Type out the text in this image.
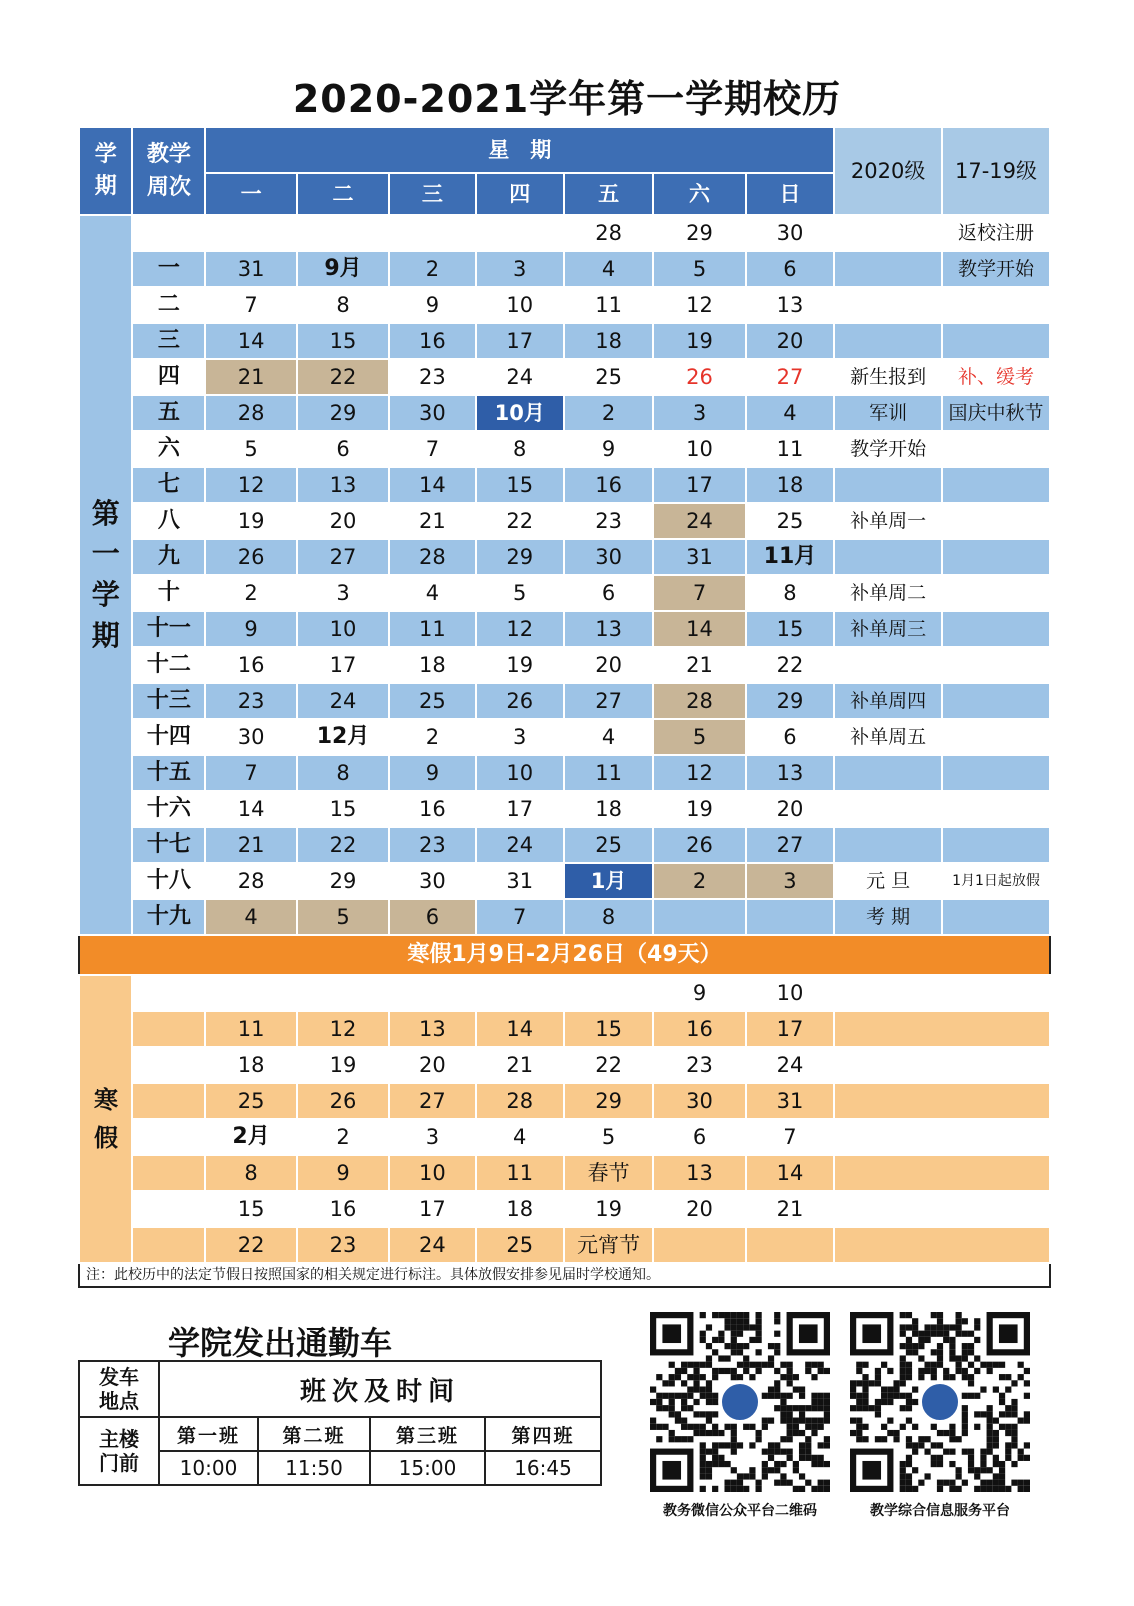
2020-2021学年第一学期校历
学期	教学周次	星　期							2020级	17-19级
		一	二	三	四	五	六	日		
第一学期						28	29	30		返校注册
	一	31	9月	2	3	4	5	6		教学开始
	二	7	8	9	10	11	12	13		
	三	14	15	16	17	18	19	20		
	四	21	22	23	24	25	26	27	新生报到	补、缓考
	五	28	29	30	10月	2	3	4	军训	国庆中秋节
	六	5	6	7	8	9	10	11	教学开始	
	七	12	13	14	15	16	17	18		
	八	19	20	21	22	23	24	25	补单周一	
	九	26	27	28	29	30	31	11月		
	十	2	3	4	5	6	7	8	补单周二	
	十一	9	10	11	12	13	14	15	补单周三	
	十二	16	17	18	19	20	21	22		
	十三	23	24	25	26	27	28	29	补单周四	
	十四	30	12月	2	3	4	5	6	补单周五	
	十五	7	8	9	10	11	12	13		
	十六	14	15	16	17	18	19	20		
	十七	21	22	23	24	25	26	27		
	十八	28	29	30	31	1月	2	3	元 旦	1月1日起放假
	十九	4	5	6	7	8			考 期	
寒假1月9日-2月26日（49天）										
寒假							9	10		
		11	12	13	14	15	16	17		
		18	19	20	21	22	23	24		
		25	26	27	28	29	30	31		
		2月	2	3	4	5	6	7		
		8	9	10	11	春节	13	14		
		15	16	17	18	19	20	21		
		22	23	24	25	元宵节				
注：此校历中的法定节假日按照国家的相关规定进行标注。具体放假安排参见届时学校通知。										
学院发出通勤车
发车地点	班次及时间			
主楼门前	第一班	第二班	第三班	第四班
	10:00	11:50	15:00	16:45
教务微信公众平台二维码	教学综合信息服务平台
